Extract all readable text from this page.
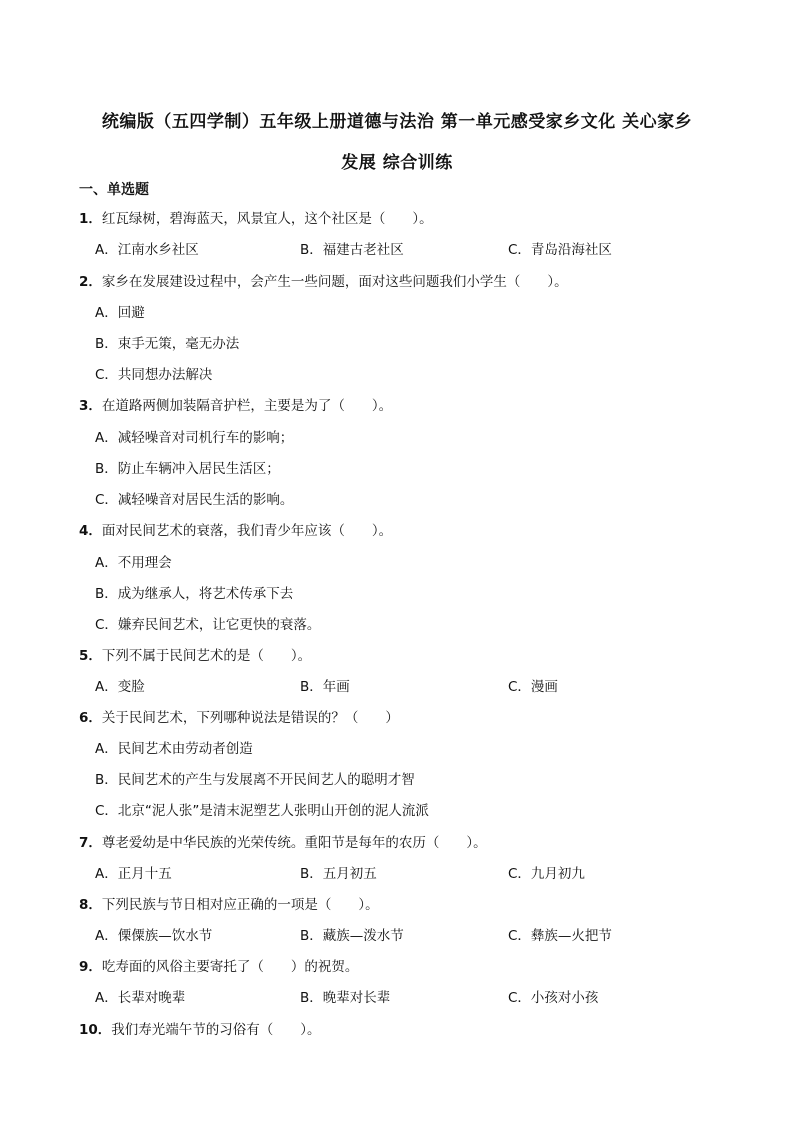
统编版（五四学制）五年级上册道德与法治 第一单元感受家乡文化 关心家乡
发展 综合训练
一、单选题

1．红瓦绿树，碧海蓝天，风景宜人，这个社区是（　　）。

A．江南水乡社区	B．福建古老社区	C．青岛沿海社区

2．家乡在发展建设过程中，会产生一些问题，面对这些问题我们小学生（　　）。

A．回避

B．束手无策，毫无办法

C．共同想办法解决

3．在道路两侧加装隔音护栏，主要是为了（　　）。

A．减轻噪音对司机行车的影响；

B．防止车辆冲入居民生活区；

C．减轻噪音对居民生活的影响。

4．面对民间艺术的衰落，我们青少年应该（　　）。

A．不用理会

B．成为继承人，将艺术传承下去

C．嫌弃民间艺术，让它更快的衰落。

5．下列不属于民间艺术的是（　　）。

A．变脸	B．年画	C．漫画

6．关于民间艺术，下列哪种说法是错误的？（　　）

A．民间艺术由劳动者创造

B．民间艺术的产生与发展离不开民间艺人的聪明才智

C．北京“泥人张”是清末泥塑艺人张明山开创的泥人流派

7．尊老爱幼是中华民族的光荣传统。重阳节是每年的农历（　　）。

A．正月十五	B．五月初五	C．九月初九

8．下列民族与节日相对应正确的一项是（　　）。

A．傈僳族—饮水节	B．藏族—泼水节	C．彝族—火把节

9．吃寿面的风俗主要寄托了（　　）的祝贺。

A．长辈对晚辈	B．晚辈对长辈	C．小孩对小孩

10．我们寿光端午节的习俗有（　　）。
